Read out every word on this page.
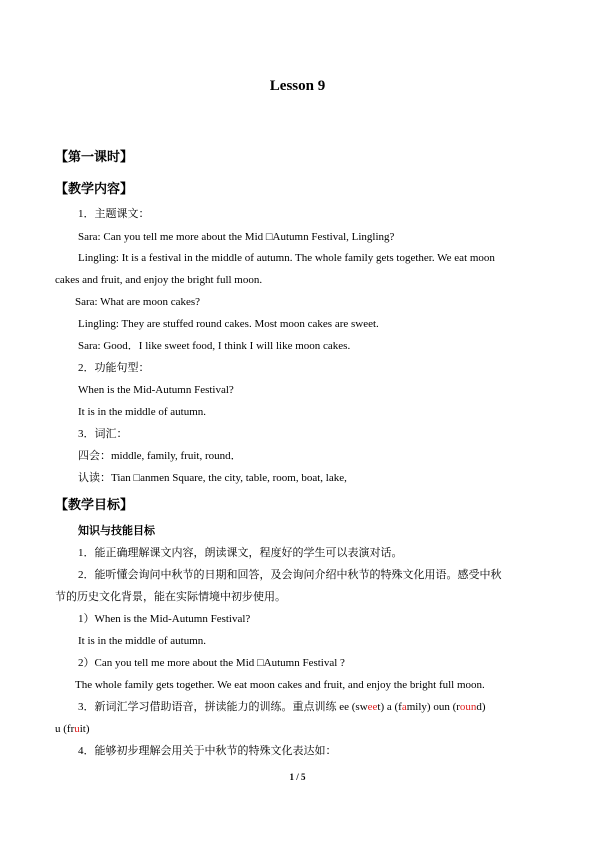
Lesson 9
【第一课时】
【教学内容】
1．主题课文：
Sara: Can you tell me more about the Mid □Autumn Festival, Lingling?
Lingling: It is a festival in the middle of autumn. The whole family gets together. We eat moon
cakes and fruit, and enjoy the bright full moon.
Sara: What are moon cakes?
Lingling: They are stuffed round cakes. Most moon cakes are sweet.
Sara: Good．I like sweet food, I think I will like moon cakes.
2．功能句型：
When is the Mid-Autumn Festival?
It is in the middle of autumn.
3．词汇：
四会：middle, family, fruit, round．
认读：Tian □anmen Square, the city, table, room, boat, lake,
【教学目标】
知识与技能目标
1．能正确理解课文内容，朗读课文，程度好的学生可以表演对话。
2．能听懂会询问中秋节的日期和回答，及会询问介绍中秋节的特殊文化用语。感受中秋
节的历史文化背景，能在实际情境中初步使用。
1）When is the Mid-Autumn Festival?
It is in the middle of autumn.
2）Can you tell me more about the Mid □Autumn Festival ?
The whole family gets together. We eat moon cakes and fruit, and enjoy the bright full moon.
3．新词汇学习借助语音，拼读能力的训练。重点训练 ee (sweet) a (family) oun (round)
u (fruit)
4．能够初步理解会用关于中秋节的特殊文化表达如：
1 / 5
